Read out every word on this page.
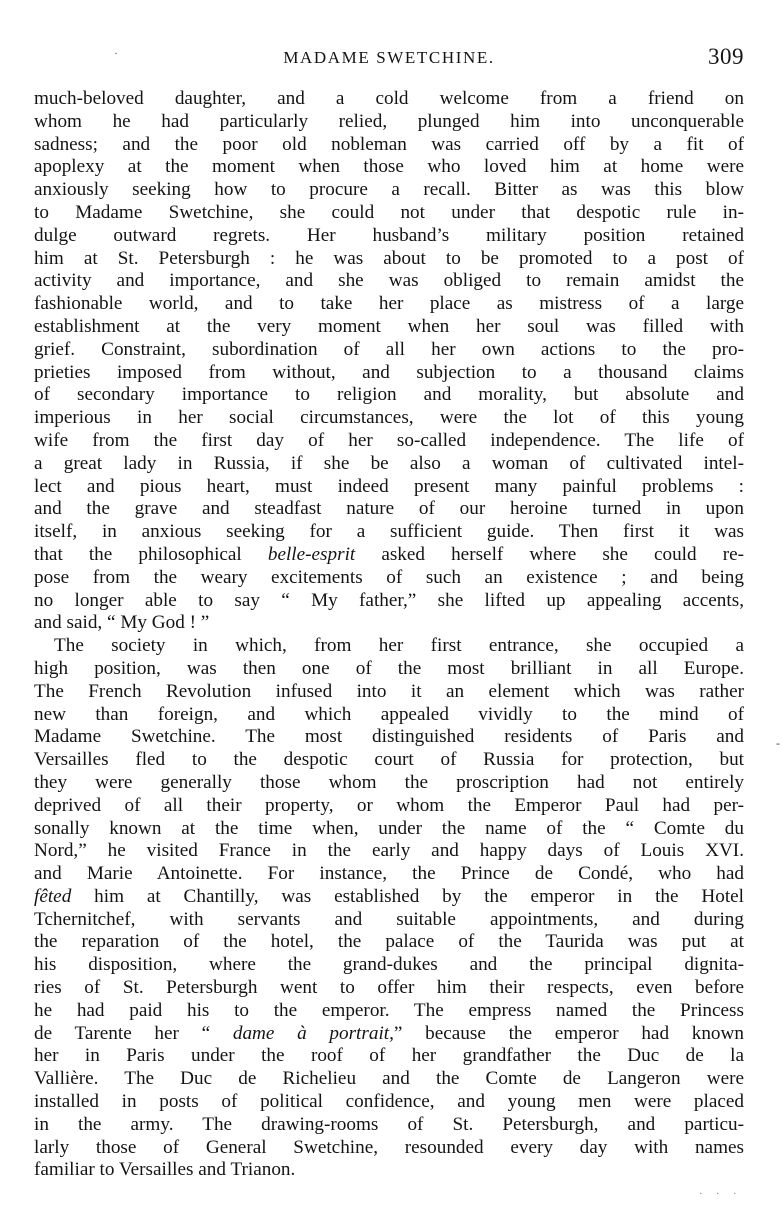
·	MADAME SWETCHINE.	309
much-beloved daughter, and a cold welcome from a friend on
whom he had particularly relied, plunged him into unconquerable
sadness; and the poor old nobleman was carried off by a fit of
apoplexy at the moment when those who loved him at home were
anxiously seeking how to procure a recall. Bitter as was this blow
to Madame Swetchine, she could not under that despotic rule in-
dulge outward regrets. Her husband’s military position retained
him at St. Petersburgh : he was about to be promoted to a post of
activity and importance, and she was obliged to remain amidst the
fashionable world, and to take her place as mistress of a large
establishment at the very moment when her soul was filled with
grief. Constraint, subordination of all her own actions to the pro-
prieties imposed from without, and subjection to a thousand claims
of secondary importance to religion and morality, but absolute and
imperious in her social circumstances, were the lot of this young
wife from the first day of her so-called independence. The life of
a great lady in Russia, if she be also a woman of cultivated intel-
lect and pious heart, must indeed present many painful problems :
and the grave and steadfast nature of our heroine turned in upon
itself, in anxious seeking for a sufficient guide. Then first it was
that the philosophical belle-esprit asked herself where she could re-
pose from the weary excitements of such an existence ; and being
no longer able to say “ My father,” she lifted up appealing accents,
and said, “ My God ! ”
The society in which, from her first entrance, she occupied a
high position, was then one of the most brilliant in all Europe.
The French Revolution infused into it an element which was rather
new than foreign, and which appealed vividly to the mind of
Madame Swetchine. The most distinguished residents of Paris and
Versailles fled to the despotic court of Russia for protection, but
they were generally those whom the proscription had not entirely
deprived of all their property, or whom the Emperor Paul had per-
sonally known at the time when, under the name of the “ Comte du
Nord,” he visited France in the early and happy days of Louis XVI.
and Marie Antoinette. For instance, the Prince de Condé, who had
fêted him at Chantilly, was established by the emperor in the Hotel
Tchernitchef, with servants and suitable appointments, and during
the reparation of the hotel, the palace of the Taurida was put at
his disposition, where the grand-dukes and the principal dignita-
ries of St. Petersburgh went to offer him their respects, even before
he had paid his to the emperor. The empress named the Princess
de Tarente her “ dame à portrait,” because the emperor had known
her in Paris under the roof of her grandfather the Duc de la
Vallière. The Duc de Richelieu and the Comte de Langeron were
installed in posts of political confidence, and young men were placed
in the army. The drawing-rooms of St. Petersburgh, and particu-
larly those of General Swetchine, resounded every day with names
familiar to Versailles and Trianon.
-
. . .
